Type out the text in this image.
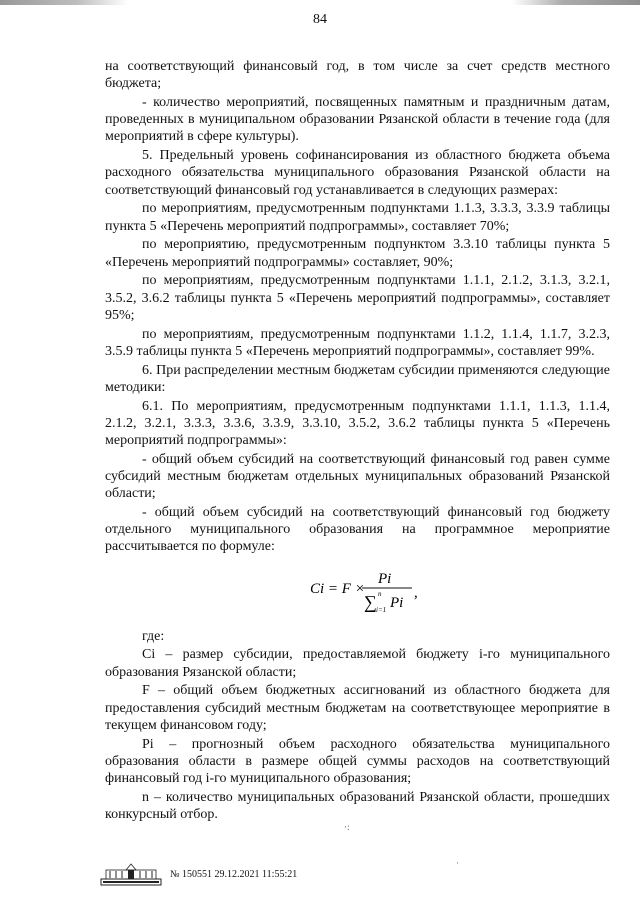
84

на соответствующий финансовый год, в том числе за счет средств местного бюджета;

- количество мероприятий, посвященных памятным и праздничным датам, проведенных в муниципальном образовании Рязанской области в течение года (для мероприятий в сфере культуры).

5. Предельный уровень софинансирования из областного бюджета объема расходного обязательства муниципального образования Рязанской области на соответствующий финансовый год устанавливается в следующих размерах:

по мероприятиям, предусмотренным подпунктами 1.1.3, 3.3.3, 3.3.9 таблицы пункта 5 «Перечень мероприятий подпрограммы», составляет 70%;

по мероприятию, предусмотренным подпунктом 3.3.10 таблицы пункта 5 «Перечень мероприятий подпрограммы» составляет, 90%;

по мероприятиям, предусмотренным подпунктами 1.1.1, 2.1.2, 3.1.3, 3.2.1, 3.5.2, 3.6.2 таблицы пункта 5 «Перечень мероприятий подпрограммы», составляет 95%;

по мероприятиям, предусмотренным подпунктами 1.1.2, 1.1.4, 1.1.7, 3.2.3, 3.5.9 таблицы пункта 5 «Перечень мероприятий подпрограммы», составляет 99%.

6. При распределении местным бюджетам субсидии применяются следующие методики:

6.1. По мероприятиям, предусмотренным подпунктами 1.1.1, 1.1.3, 1.1.4, 2.1.2, 3.2.1, 3.3.3, 3.3.6, 3.3.9, 3.3.10, 3.5.2, 3.6.2 таблицы пункта 5 «Перечень мероприятий подпрограммы»:

- общий объем субсидий на соответствующий финансовый год равен сумме субсидий местным бюджетам отдельных муниципальных образований Рязанской области;

- общий объем субсидий на соответствующий финансовый год бюджету отдельного муниципального образования на программное мероприятие рассчитывается по формуле:

Ci = F ×
Pi
∑ n
i=1 Pi
,

где:

Ci – размер субсидии, предоставляемой бюджету i-го муниципального образования Рязанской области;

F – общий объем бюджетных ассигнований из областного бюджета для предоставления субсидий местным бюджетам на соответствующее мероприятие в текущем финансовом году;

Pi – прогнозный объем расходного обязательства муниципального образования области в размере общей суммы расходов на соответствующий финансовый год i-го муниципального образования;

n – количество муниципальных образований Рязанской области, прошедших конкурсный отбор.

·:
·
№ 150551 29.12.2021 11:55:21
